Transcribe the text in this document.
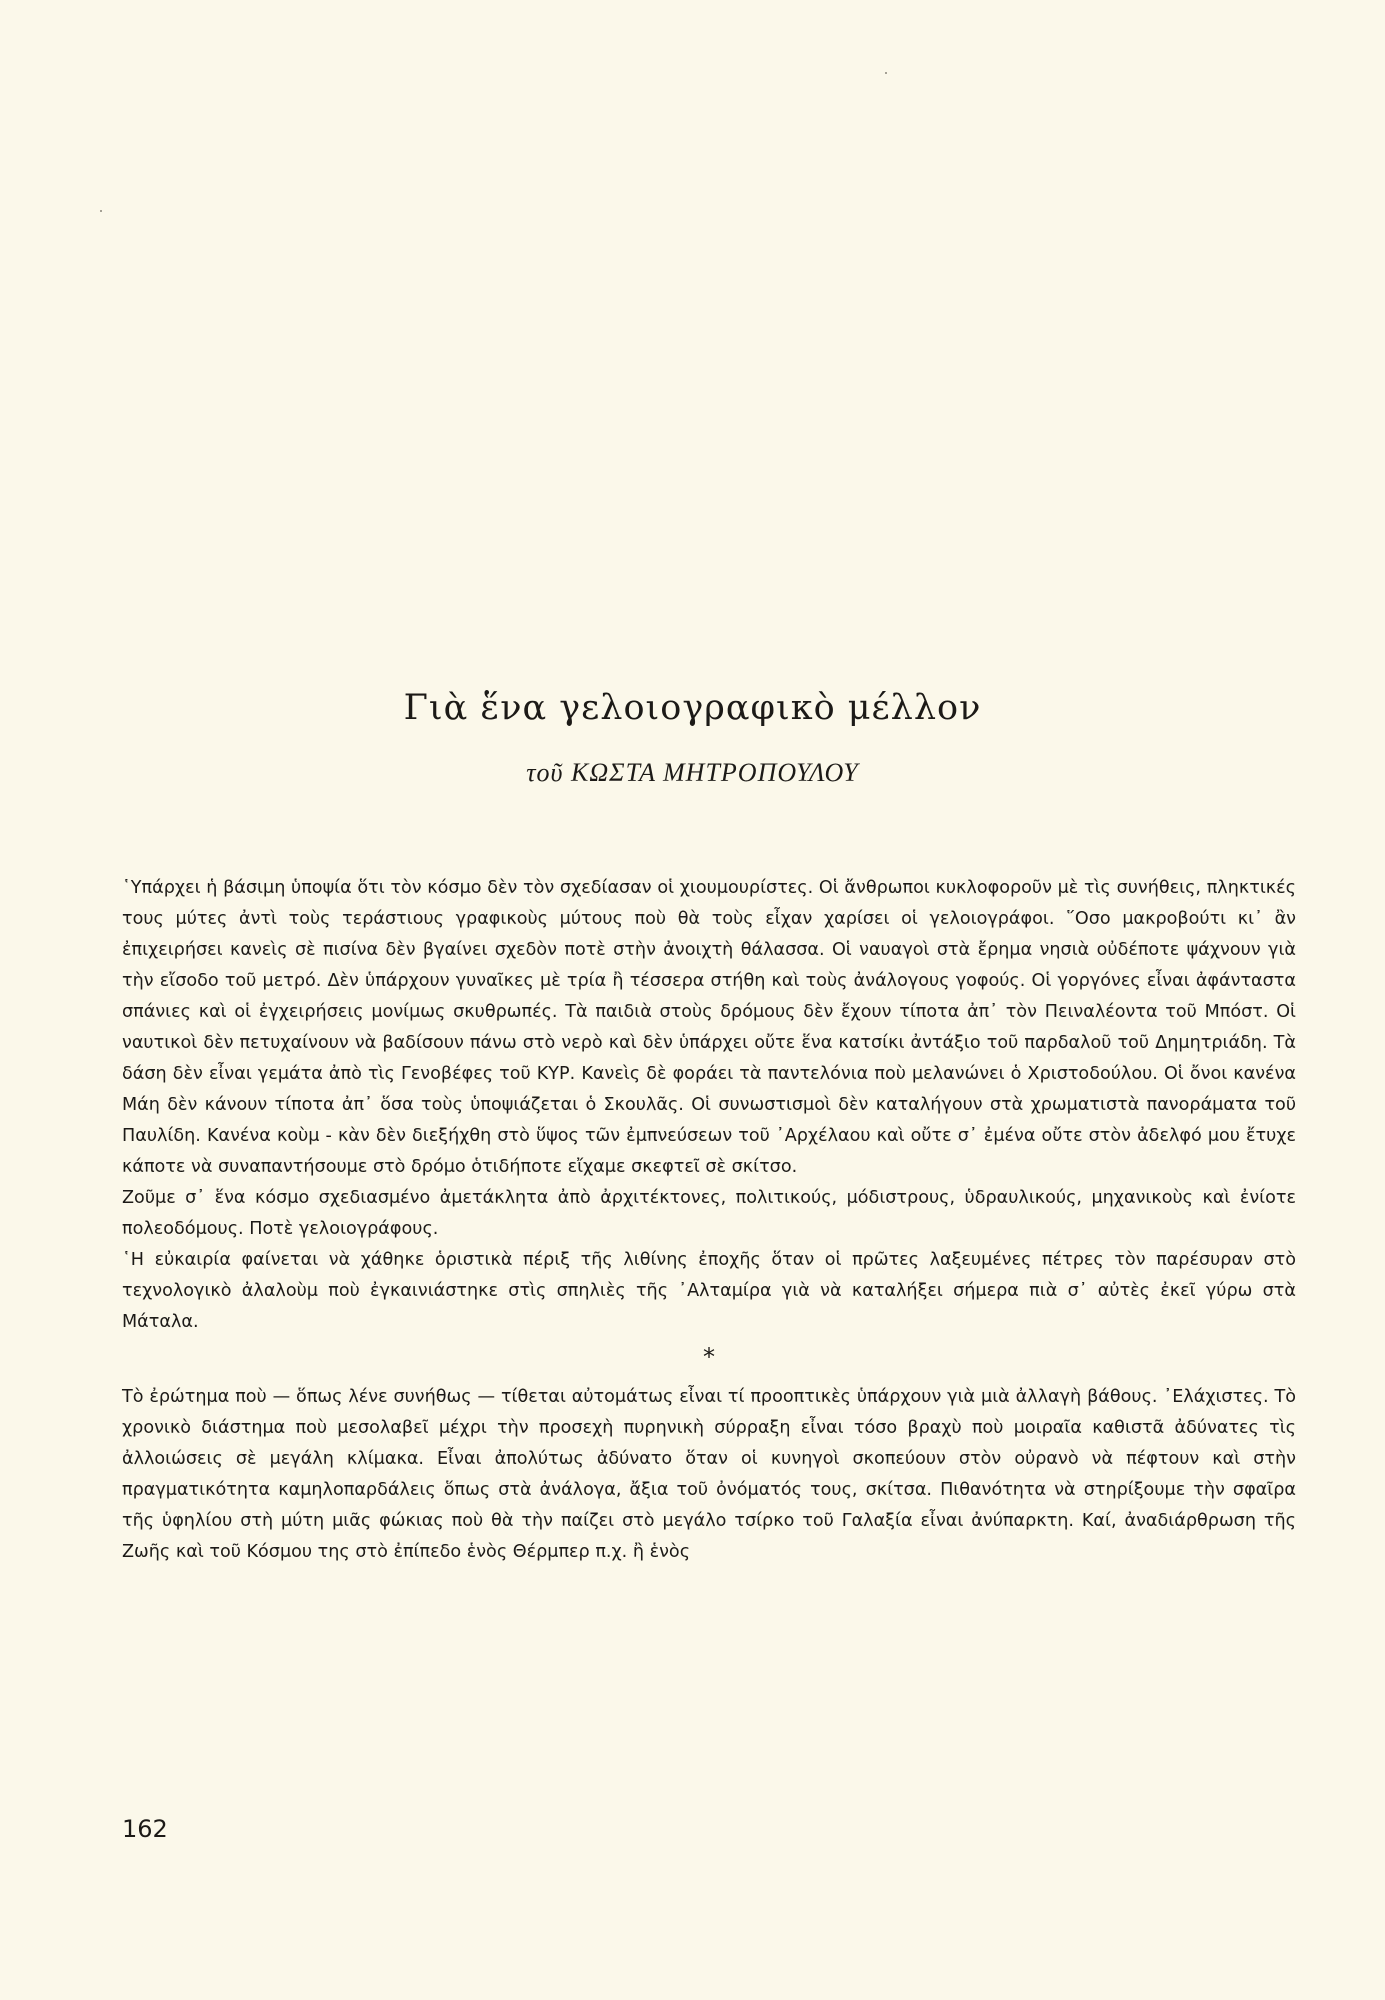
Γιὰ ἕνα γελοιογραφικὸ μέλλον
τοῦ ΚΩΣΤΑ ΜΗΤΡΟΠΟΥΛΟΥ

῾Υπάρχει ἡ βάσιμη ὑποψία ὅτι τὸν κόσμο δὲν τὸν σχεδίασαν οἱ χιουμουρίστες. Οἱ ἄνθρωποι κυκλοφοροῦν μὲ τὶς συνήθεις, πληκτικές τους μύτες ἀντὶ τοὺς τεράστιους γραφικοὺς μύτους ποὺ θὰ τοὺς εἶχαν χαρίσει οἱ γελοιογράφοι. ῞Οσο μακροβούτι κι᾿ ἂν ἐπιχειρήσει κανεὶς σὲ πισίνα δὲν βγαίνει σχεδὸν ποτὲ στὴν ἀνοιχτὴ θάλασσα. Οἱ ναυαγοὶ στὰ ἔρημα νησιὰ οὐδέποτε ψάχνουν γιὰ τὴν εἴσοδο τοῦ μετρό. Δὲν ὑπάρχουν γυναῖκες μὲ τρία ἢ τέσσερα στήθη καὶ τοὺς ἀνάλογους γοφούς. Οἱ γοργόνες εἶναι ἀφάνταστα σπάνιες καὶ οἱ ἐγχειρήσεις μονίμως σκυθρωπές. Τὰ παιδιὰ στοὺς δρόμους δὲν ἔχουν τίποτα ἀπ᾿ τὸν Πειναλέοντα τοῦ Μπόστ. Οἱ ναυτικοὶ δὲν πετυχαίνουν νὰ βαδίσουν πάνω στὸ νερὸ καὶ δὲν ὑπάρχει οὔτε ἕνα κατσίκι ἀντάξιο τοῦ παρδαλοῦ τοῦ Δημητριάδη. Τὰ δάση δὲν εἶναι γεμάτα ἀπὸ τὶς Γενοβέφες τοῦ ΚΥΡ. Κανεὶς δὲ φοράει τὰ παντελόνια ποὺ μελανώνει ὁ Χριστοδούλου. Οἱ ὄνοι κανένα Μάη δὲν κάνουν τίποτα ἀπ᾿ ὅσα τοὺς ὑποψιάζεται ὁ Σκουλᾶς. Οἱ συνωστισμοὶ δὲν καταλήγουν στὰ χρωματιστὰ πανοράματα τοῦ Παυλίδη. Κανένα κοὺμ - κὰν δὲν διεξήχθη στὸ ὕψος τῶν ἐμπνεύσεων τοῦ ᾿Αρχέλαου καὶ οὔτε σ᾿ ἐμένα οὔτε στὸν ἀδελφό μου ἔτυχε κάποτε νὰ συναπαντήσουμε στὸ δρόμο ὁτιδήποτε εἴχαμε σκεφτεῖ σὲ σκίτσο.

Ζοῦμε σ᾿ ἕνα κόσμο σχεδιασμένο ἀμετάκλητα ἀπὸ ἀρχιτέκτονες, πολιτικούς, μόδιστρους, ὑδραυλικούς, μηχανικοὺς καὶ ἐνίοτε πολεοδόμους. Ποτὲ γελοιογράφους.

῾Η εὐκαιρία φαίνεται νὰ χάθηκε ὁριστικὰ πέριξ τῆς λιθίνης ἐποχῆς ὅταν οἱ πρῶτες λαξευμένες πέτρες τὸν παρέσυραν στὸ τεχνολογικὸ ἀλαλοὺμ ποὺ ἐγκαινιάστηκε στὶς σπηλιὲς τῆς ᾿Αλταμίρα γιὰ νὰ καταλήξει σήμερα πιὰ σ᾿ αὐτὲς ἐκεῖ γύρω στὰ Μάταλα.

*

Τὸ ἐρώτημα ποὺ — ὅπως λένε συνήθως — τίθεται αὐτομάτως εἶναι τί προοπτικὲς ὑπάρχουν γιὰ μιὰ ἀλλαγὴ βάθους. ᾿Ελάχιστες. Τὸ χρονικὸ διάστημα ποὺ μεσολαβεῖ μέχρι τὴν προσεχὴ πυρηνικὴ σύρραξη εἶναι τόσο βραχὺ ποὺ μοιραῖα καθιστᾶ ἀδύνατες τὶς ἀλλοιώσεις σὲ μεγάλη κλίμακα. Εἶναι ἀπολύτως ἀδύνατο ὅταν οἱ κυνηγοὶ σκοπεύουν στὸν οὐρανὸ νὰ πέφτουν καὶ στὴν πραγματικότητα καμηλοπαρδάλεις ὅπως στὰ ἀνάλογα, ἄξια τοῦ ὀνόματός τους, σκίτσα. Πιθανότητα νὰ στηρίξουμε τὴν σφαῖρα τῆς ὑφηλίου στὴ μύτη μιᾶς φώκιας ποὺ θὰ τὴν παίζει στὸ μεγάλο τσίρκο τοῦ Γαλαξία εἶναι ἀνύπαρκτη. Καί, ἀναδιάρθρωση τῆς Ζωῆς καὶ τοῦ Κόσμου της στὸ ἐπίπεδο ἑνὸς Θέρμπερ π.χ. ἢ ἑνὸς

162
